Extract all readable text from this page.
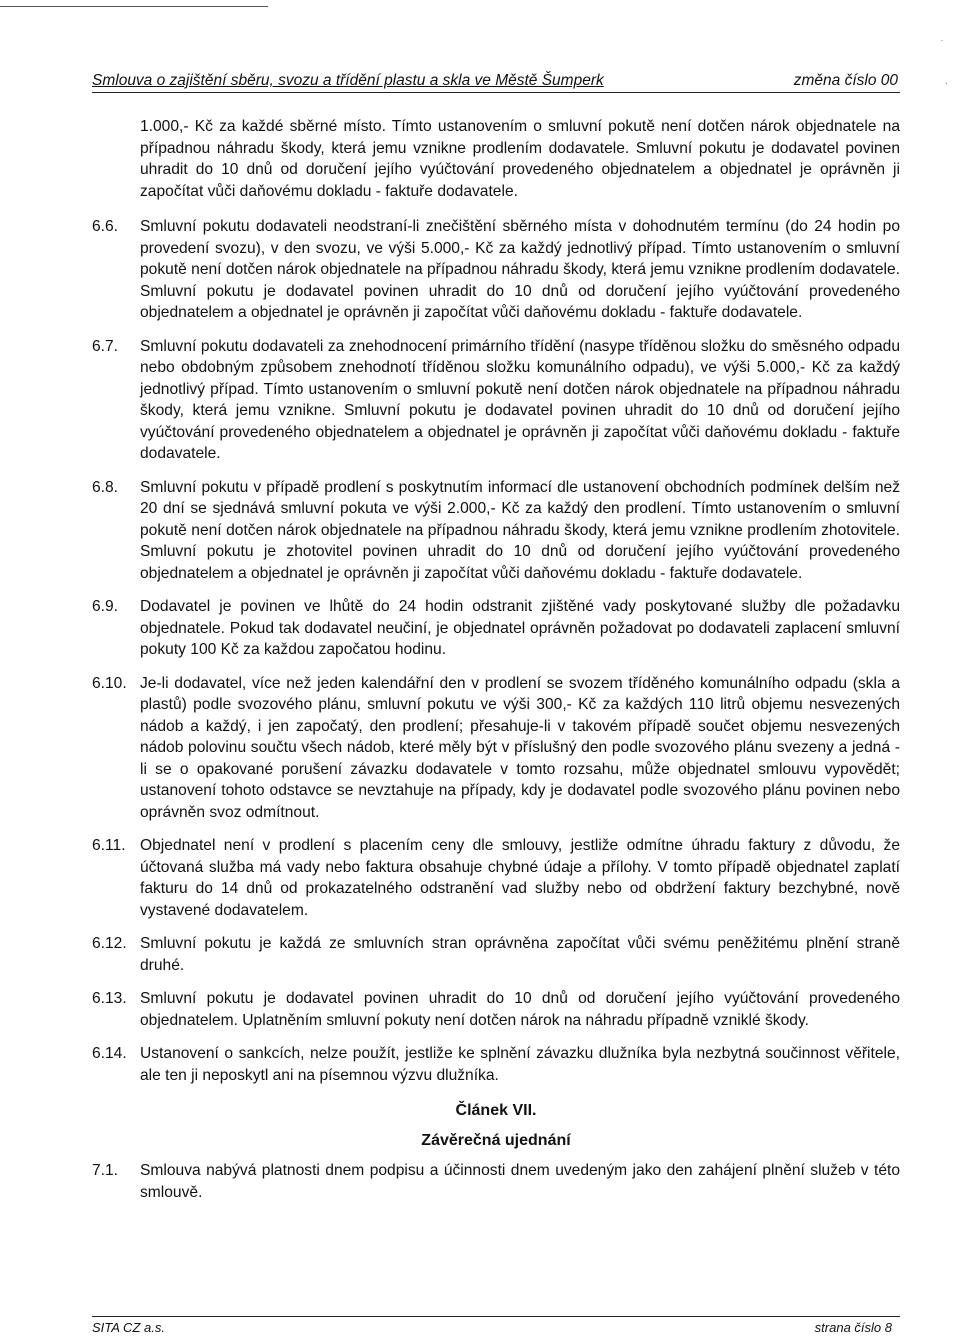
˙
ˎ
Smlouva o zajištění sběru, svozu a třídění plastu a skla ve Městě Šumperk	změna číslo 00
1.000,- Kč za každé sběrné místo. Tímto ustanovením o smluvní pokutě není dotčen nárok objednatele na případnou náhradu škody, která jemu vznikne prodlením dodavatele. Smluvní pokutu je dodavatel povinen uhradit do 10 dnů od doručení jejího vyúčtování provedeného objednatelem a objednatel je oprávněn ji započítat vůči daňovému dokladu - faktuře dodavatele.
6.6. Smluvní pokutu dodavateli neodstraní-li znečištění sběrného místa v dohodnutém termínu (do 24 hodin po provedení svozu), v den svozu, ve výši 5.000,- Kč za každý jednotlivý případ. Tímto ustanovením o smluvní pokutě není dotčen nárok objednatele na případnou náhradu škody, která jemu vznikne prodlením dodavatele. Smluvní pokutu je dodavatel povinen uhradit do 10 dnů od doručení jejího vyúčtování provedeného objednatelem a objednatel je oprávněn ji započítat vůči daňovému dokladu - faktuře dodavatele.
6.7. Smluvní pokutu dodavateli za znehodnocení primárního třídění (nasype tříděnou složku do směsného odpadu nebo obdobným způsobem znehodnotí tříděnou složku komunálního odpadu), ve výši 5.000,- Kč za každý jednotlivý případ. Tímto ustanovením o smluvní pokutě není dotčen nárok objednatele na případnou náhradu škody, která jemu vznikne. Smluvní pokutu je dodavatel povinen uhradit do 10 dnů od doručení jejího vyúčtování provedeného objednatelem a objednatel je oprávněn ji započítat vůči daňovému dokladu - faktuře dodavatele.
6.8. Smluvní pokutu v případě prodlení s poskytnutím informací dle ustanovení obchodních podmínek delším než 20 dní se sjednává smluvní pokuta ve výši 2.000,- Kč za každý den prodlení. Tímto ustanovením o smluvní pokutě není dotčen nárok objednatele na případnou náhradu škody, která jemu vznikne prodlením zhotovitele. Smluvní pokutu je zhotovitel povinen uhradit do 10 dnů od doručení jejího vyúčtování provedeného objednatelem a objednatel je oprávněn ji započítat vůči daňovému dokladu - faktuře dodavatele.
6.9. Dodavatel je povinen ve lhůtě do 24 hodin odstranit zjištěné vady poskytované služby dle požadavku objednatele. Pokud tak dodavatel neučiní, je objednatel oprávněn požadovat po dodavateli zaplacení smluvní pokuty 100 Kč za každou započatou hodinu.
6.10. Je-li dodavatel, více než jeden kalendářní den v prodlení se svozem tříděného komunálního odpadu (skla a plastů) podle svozového plánu, smluvní pokutu ve výši 300,- Kč za každých 110 litrů objemu nesvezených nádob a každý, i jen započatý, den prodlení; přesahuje-li v takovém případě součet objemu nesvezených nádob polovinu součtu všech nádob, které měly být v příslušný den podle svozového plánu svezeny a jedná - li se o opakované porušení závazku dodavatele v tomto rozsahu, může objednatel smlouvu vypovědět; ustanovení tohoto odstavce se nevztahuje na případy, kdy je dodavatel podle svozového plánu povinen nebo oprávněn svoz odmítnout.
6.11. Objednatel není v prodlení s placením ceny dle smlouvy, jestliže odmítne úhradu faktury z důvodu, že účtovaná služba má vady nebo faktura obsahuje chybné údaje a přílohy. V tomto případě objednatel zaplatí fakturu do 14 dnů od prokazatelného odstranění vad služby nebo od obdržení faktury bezchybné, nově vystavené dodavatelem.
6.12. Smluvní pokutu je každá ze smluvních stran oprávněna započítat vůči svému peněžitému plnění straně druhé.
6.13. Smluvní pokutu je dodavatel povinen uhradit do 10 dnů od doručení jejího vyúčtování provedeného objednatelem. Uplatněním smluvní pokuty není dotčen nárok na náhradu případně vzniklé škody.
6.14. Ustanovení o sankcích, nelze použít, jestliže ke splnění závazku dlužníka byla nezbytná součinnost věřitele, ale ten ji neposkytl ani na písemnou výzvu dlužníka.
Článek VII.
Závěrečná ujednání
7.1. Smlouva nabývá platnosti dnem podpisu a účinnosti dnem uvedeným jako den zahájení plnění služeb v této smlouvě.
SITA CZ a.s.	strana číslo 8
